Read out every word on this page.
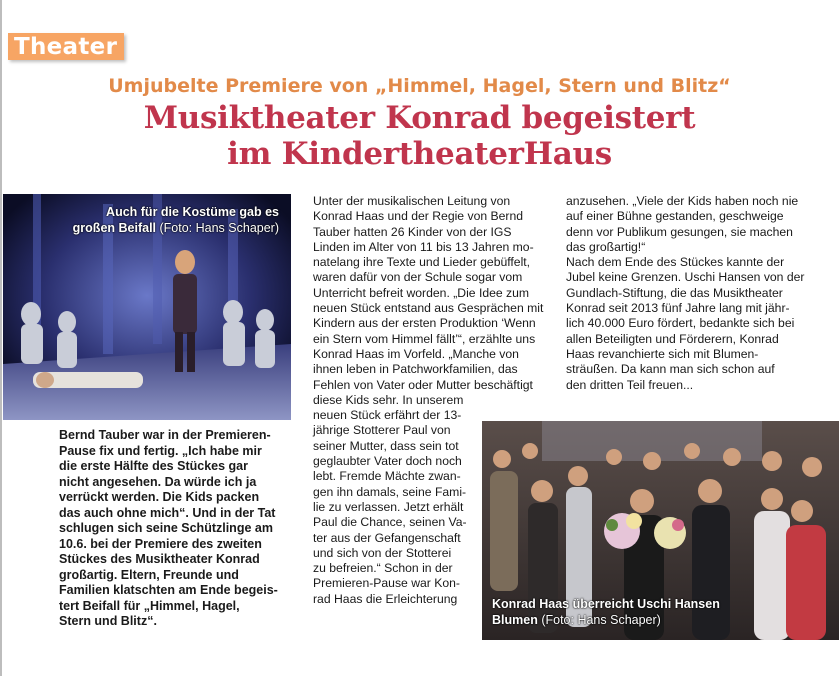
Theater
Umjubelte Premiere von „Himmel, Hagel, Stern und Blitz“
Musiktheater Konrad begeistert
im KindertheaterHaus
Auch für die Kostüme gab es
großen Beifall (Foto: Hans Schaper)
Bernd Tauber war in der Premieren-
Pause fix und fertig. „Ich habe mir
die erste Hälfte des Stückes gar
nicht angesehen. Da würde ich ja
verrückt werden. Die Kids packen
das auch ohne mich“. Und in der Tat
schlugen sich seine Schützlinge am
10.6. bei der Premiere des zweiten
Stückes des Musiktheater Konrad
großartig. Eltern, Freunde und
Familien klatschten am Ende begeis-
tert Beifall für „Himmel, Hagel,
Stern und Blitz“.
Unter der musikalischen Leitung von
Konrad Haas und der Regie von Bernd
Tauber hatten 26 Kinder von der IGS
Linden im Alter von 11 bis 13 Jahren mo-
natelang ihre Texte und Lieder gebüffelt,
waren dafür von der Schule sogar vom
Unterricht befreit worden. „Die Idee zum
neuen Stück entstand aus Gesprächen mit
Kindern aus der ersten Produktion ‘Wenn
ein Stern vom Himmel fällt’“, erzählte uns
Konrad Haas im Vorfeld. „Manche von
ihnen leben in Patchworkfamilien, das
Fehlen von Vater oder Mutter beschäftigt
diese Kids sehr. In unserem
neuen Stück erfährt der 13-
jährige Stotterer Paul von
seiner Mutter, dass sein tot
geglaubter Vater doch noch
lebt. Fremde Mächte zwan-
gen ihn damals, seine Fami-
lie zu verlassen. Jetzt erhält
Paul die Chance, seinen Va-
ter aus der Gefangenschaft
und sich von der Stotterei
zu befreien.“ Schon in der
Premieren-Pause war Kon-
rad Haas die Erleichterung
anzusehen. „Viele der Kids haben noch nie
auf einer Bühne gestanden, geschweige
denn vor Publikum gesungen, sie machen
das großartig!“
Nach dem Ende des Stückes kannte der
Jubel keine Grenzen. Uschi Hansen von der
Gundlach-Stiftung, die das Musiktheater
Konrad seit 2013 fünf Jahre lang mit jähr-
lich 40.000 Euro fördert, bedankte sich bei
allen Beteiligten und Förderern, Konrad
Haas revanchierte sich mit Blumen-
sträußen. Da kann man sich schon auf
den dritten Teil freuen...
Konrad Haas überreicht Uschi Hansen
Blumen (Foto: Hans Schaper)
